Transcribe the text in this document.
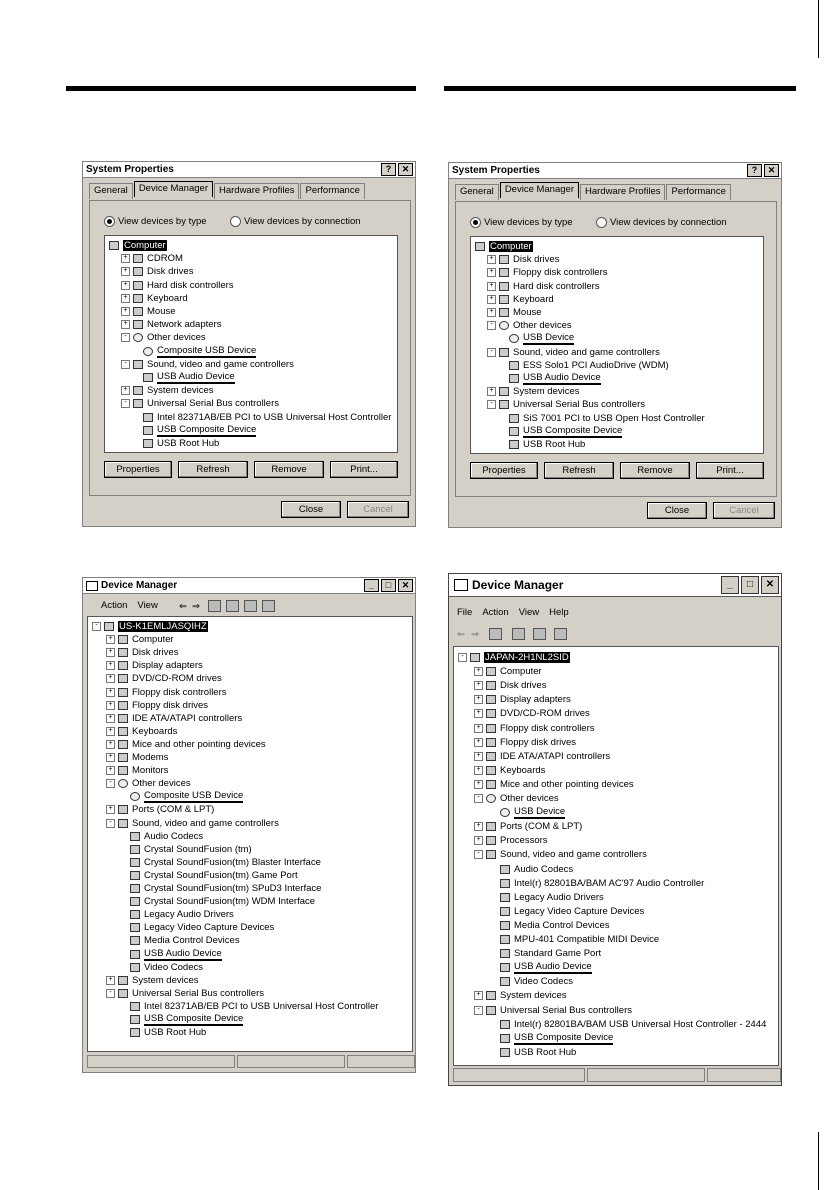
System Properties	?	✕
General	Device Manager	Hardware Profiles	Performance
View devices by type	View devices by connection
Computer
+ CDROM
+ Disk drives
+ Hard disk controllers
+ Keyboard
+ Mouse
+ Network adapters
-	Other devices
Composite USB Device
-	Sound, video and game controllers
USB Audio Device
+ System devices
-	Universal Serial Bus controllers
Intel 82371AB/EB PCI to USB Universal Host Controller
USB Composite Device
USB Root Hub
Properties	Refresh	Remove	Print...
Close	Cancel
System Properties	?	✕
General	Device Manager	Hardware Profiles	Performance
View devices by type	View devices by connection
Computer
+ Disk drives
+ Floppy disk controllers
+ Hard disk controllers
+ Keyboard
+ Mouse
-	Other devices
USB Device
-	Sound, video and game controllers
ESS Solo1 PCI AudioDrive (WDM)
USB Audio Device
+ System devices
-	Universal Serial Bus controllers
SiS 7001 PCI to USB Open Host Controller
USB Composite Device
USB Root Hub
Properties	Refresh	Remove	Print...
Close	Cancel
Device Manager	_	□	✕
Action View ⇐ ⇒
-	US-K1EMLJASQIHZ
+ Computer
+ Disk drives
+ Display adapters
+ DVD/CD-ROM drives
+ Floppy disk controllers
+ Floppy disk drives
+ IDE ATA/ATAPI controllers
+ Keyboards
+ Mice and other pointing devices
+ Modems
+ Monitors
-	Other devices
Composite USB Device
+ Ports (COM & LPT)
-	Sound, video and game controllers
Audio Codecs
Crystal SoundFusion (tm)
Crystal SoundFusion(tm) Blaster Interface
Crystal SoundFusion(tm) Game Port
Crystal SoundFusion(tm) SPuD3 Interface
Crystal SoundFusion(tm) WDM Interface
Legacy Audio Drivers
Legacy Video Capture Devices
Media Control Devices
USB Audio Device
Video Codecs
+ System devices
-	Universal Serial Bus controllers
Intel 82371AB/EB PCI to USB Universal Host Controller
USB Composite Device
USB Root Hub
Device Manager	_	□	✕
File Action View Help
⇐ ⇒
-	JAPAN-2H1NL2SID
+ Computer
+ Disk drives
+ Display adapters
+ DVD/CD-ROM drives
+ Floppy disk controllers
+ Floppy disk drives
+ IDE ATA/ATAPI controllers
+ Keyboards
+ Mice and other pointing devices
-	Other devices
USB Device
+ Ports (COM & LPT)
+ Processors
-	Sound, video and game controllers
Audio Codecs
Intel(r) 82801BA/BAM AC'97 Audio Controller
Legacy Audio Drivers
Legacy Video Capture Devices
Media Control Devices
MPU-401 Compatible MIDI Device
Standard Game Port
USB Audio Device
Video Codecs
+ System devices
-	Universal Serial Bus controllers
Intel(r) 82801BA/BAM USB Universal Host Controller - 2444
USB Composite Device
USB Root Hub
